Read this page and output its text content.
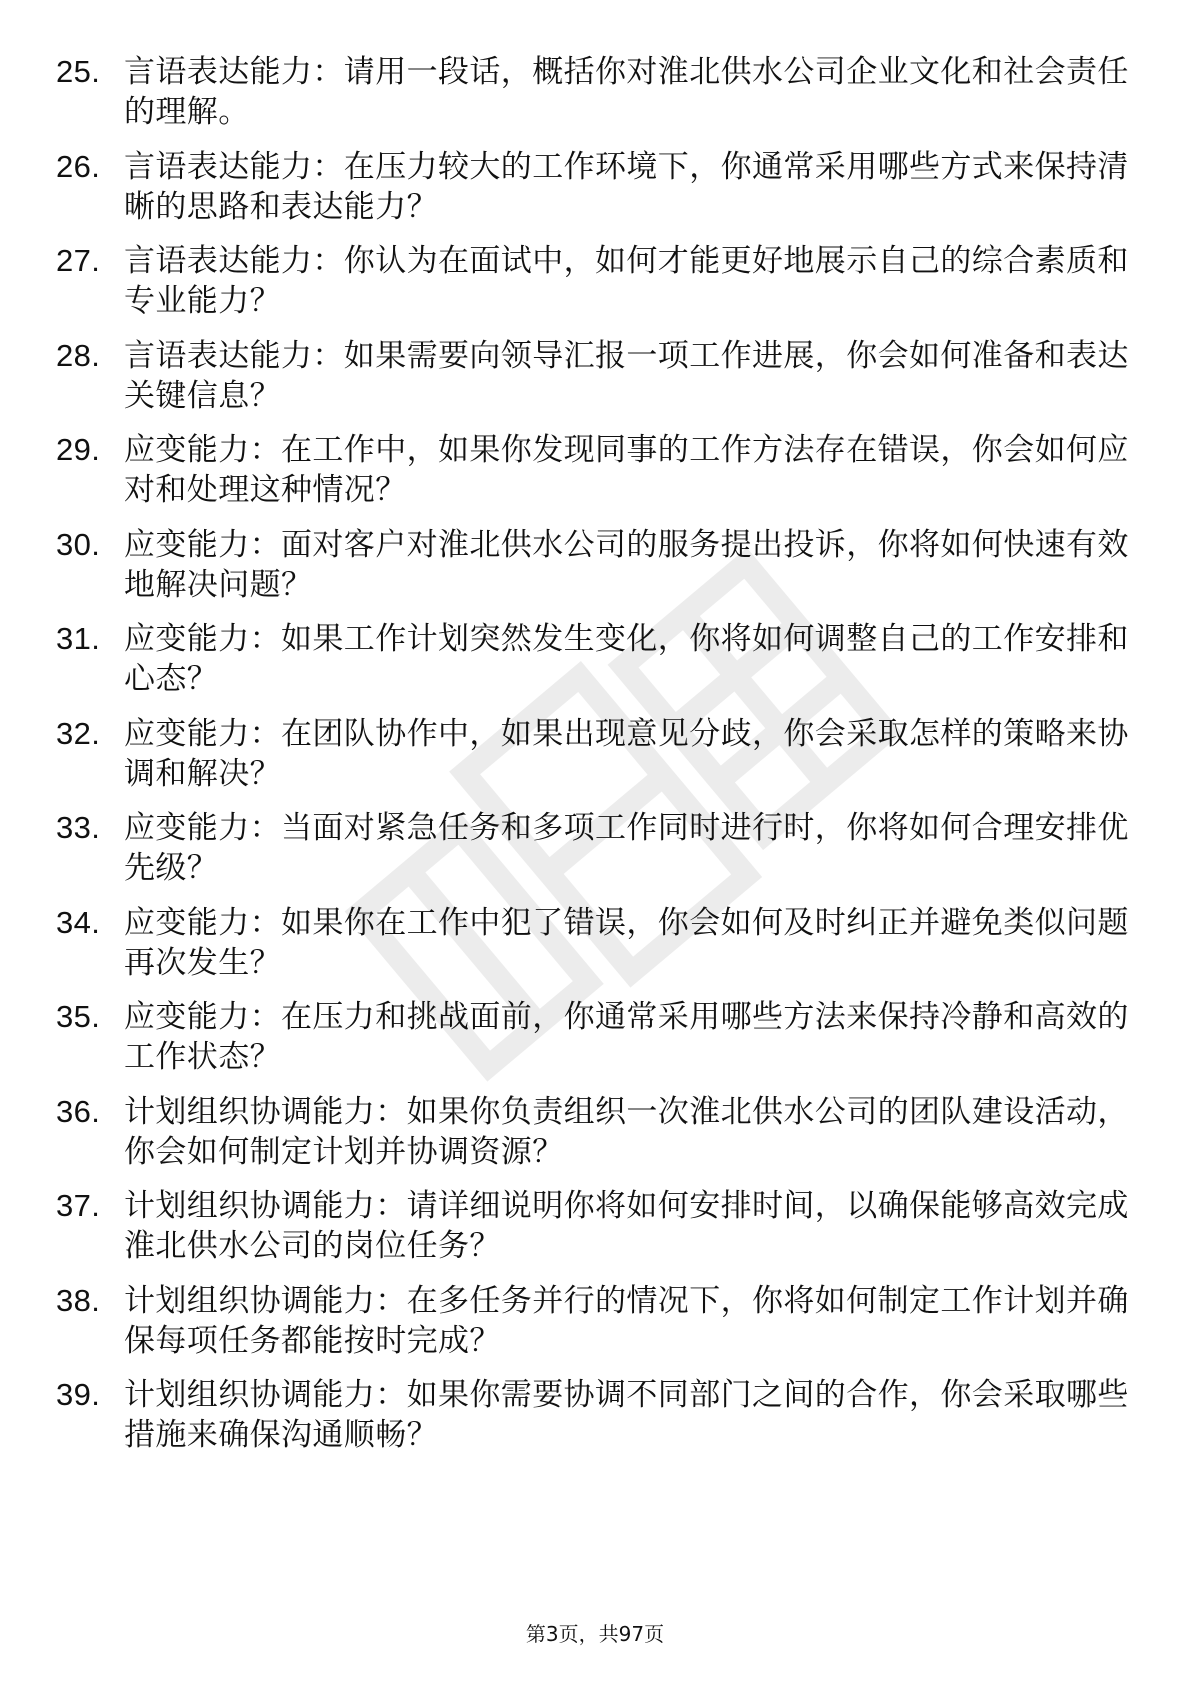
25. 言语表达能力：请用一段话，概括你对淮北供水公司企业文化和社会责任的理解。
26. 言语表达能力：在压力较大的工作环境下，你通常采用哪些方式来保持清晰的思路和表达能力？
27. 言语表达能力：你认为在面试中，如何才能更好地展示自己的综合素质和专业能力？
28. 言语表达能力：如果需要向领导汇报一项工作进展，你会如何准备和表达关键信息？
29. 应变能力：在工作中，如果你发现同事的工作方法存在错误，你会如何应对和处理这种情况？
30. 应变能力：面对客户对淮北供水公司的服务提出投诉，你将如何快速有效地解决问题？
31. 应变能力：如果工作计划突然发生变化，你将如何调整自己的工作安排和心态？
32. 应变能力：在团队协作中，如果出现意见分歧，你会采取怎样的策略来协调和解决？
33. 应变能力：当面对紧急任务和多项工作同时进行时，你将如何合理安排优先级？
34. 应变能力：如果你在工作中犯了错误，你会如何及时纠正并避免类似问题再次发生？
35. 应变能力：在压力和挑战面前，你通常采用哪些方法来保持冷静和高效的工作状态？
36. 计划组织协调能力：如果你负责组织一次淮北供水公司的团队建设活动，你会如何制定计划并协调资源？
37. 计划组织协调能力：请详细说明你将如何安排时间，以确保能够高效完成淮北供水公司的岗位任务？
38. 计划组织协调能力：在多任务并行的情况下，你将如何制定工作计划并确保每项任务都能按时完成？
39. 计划组织协调能力：如果你需要协调不同部门之间的合作，你会采取哪些措施来确保沟通顺畅？
第3页，共97页
